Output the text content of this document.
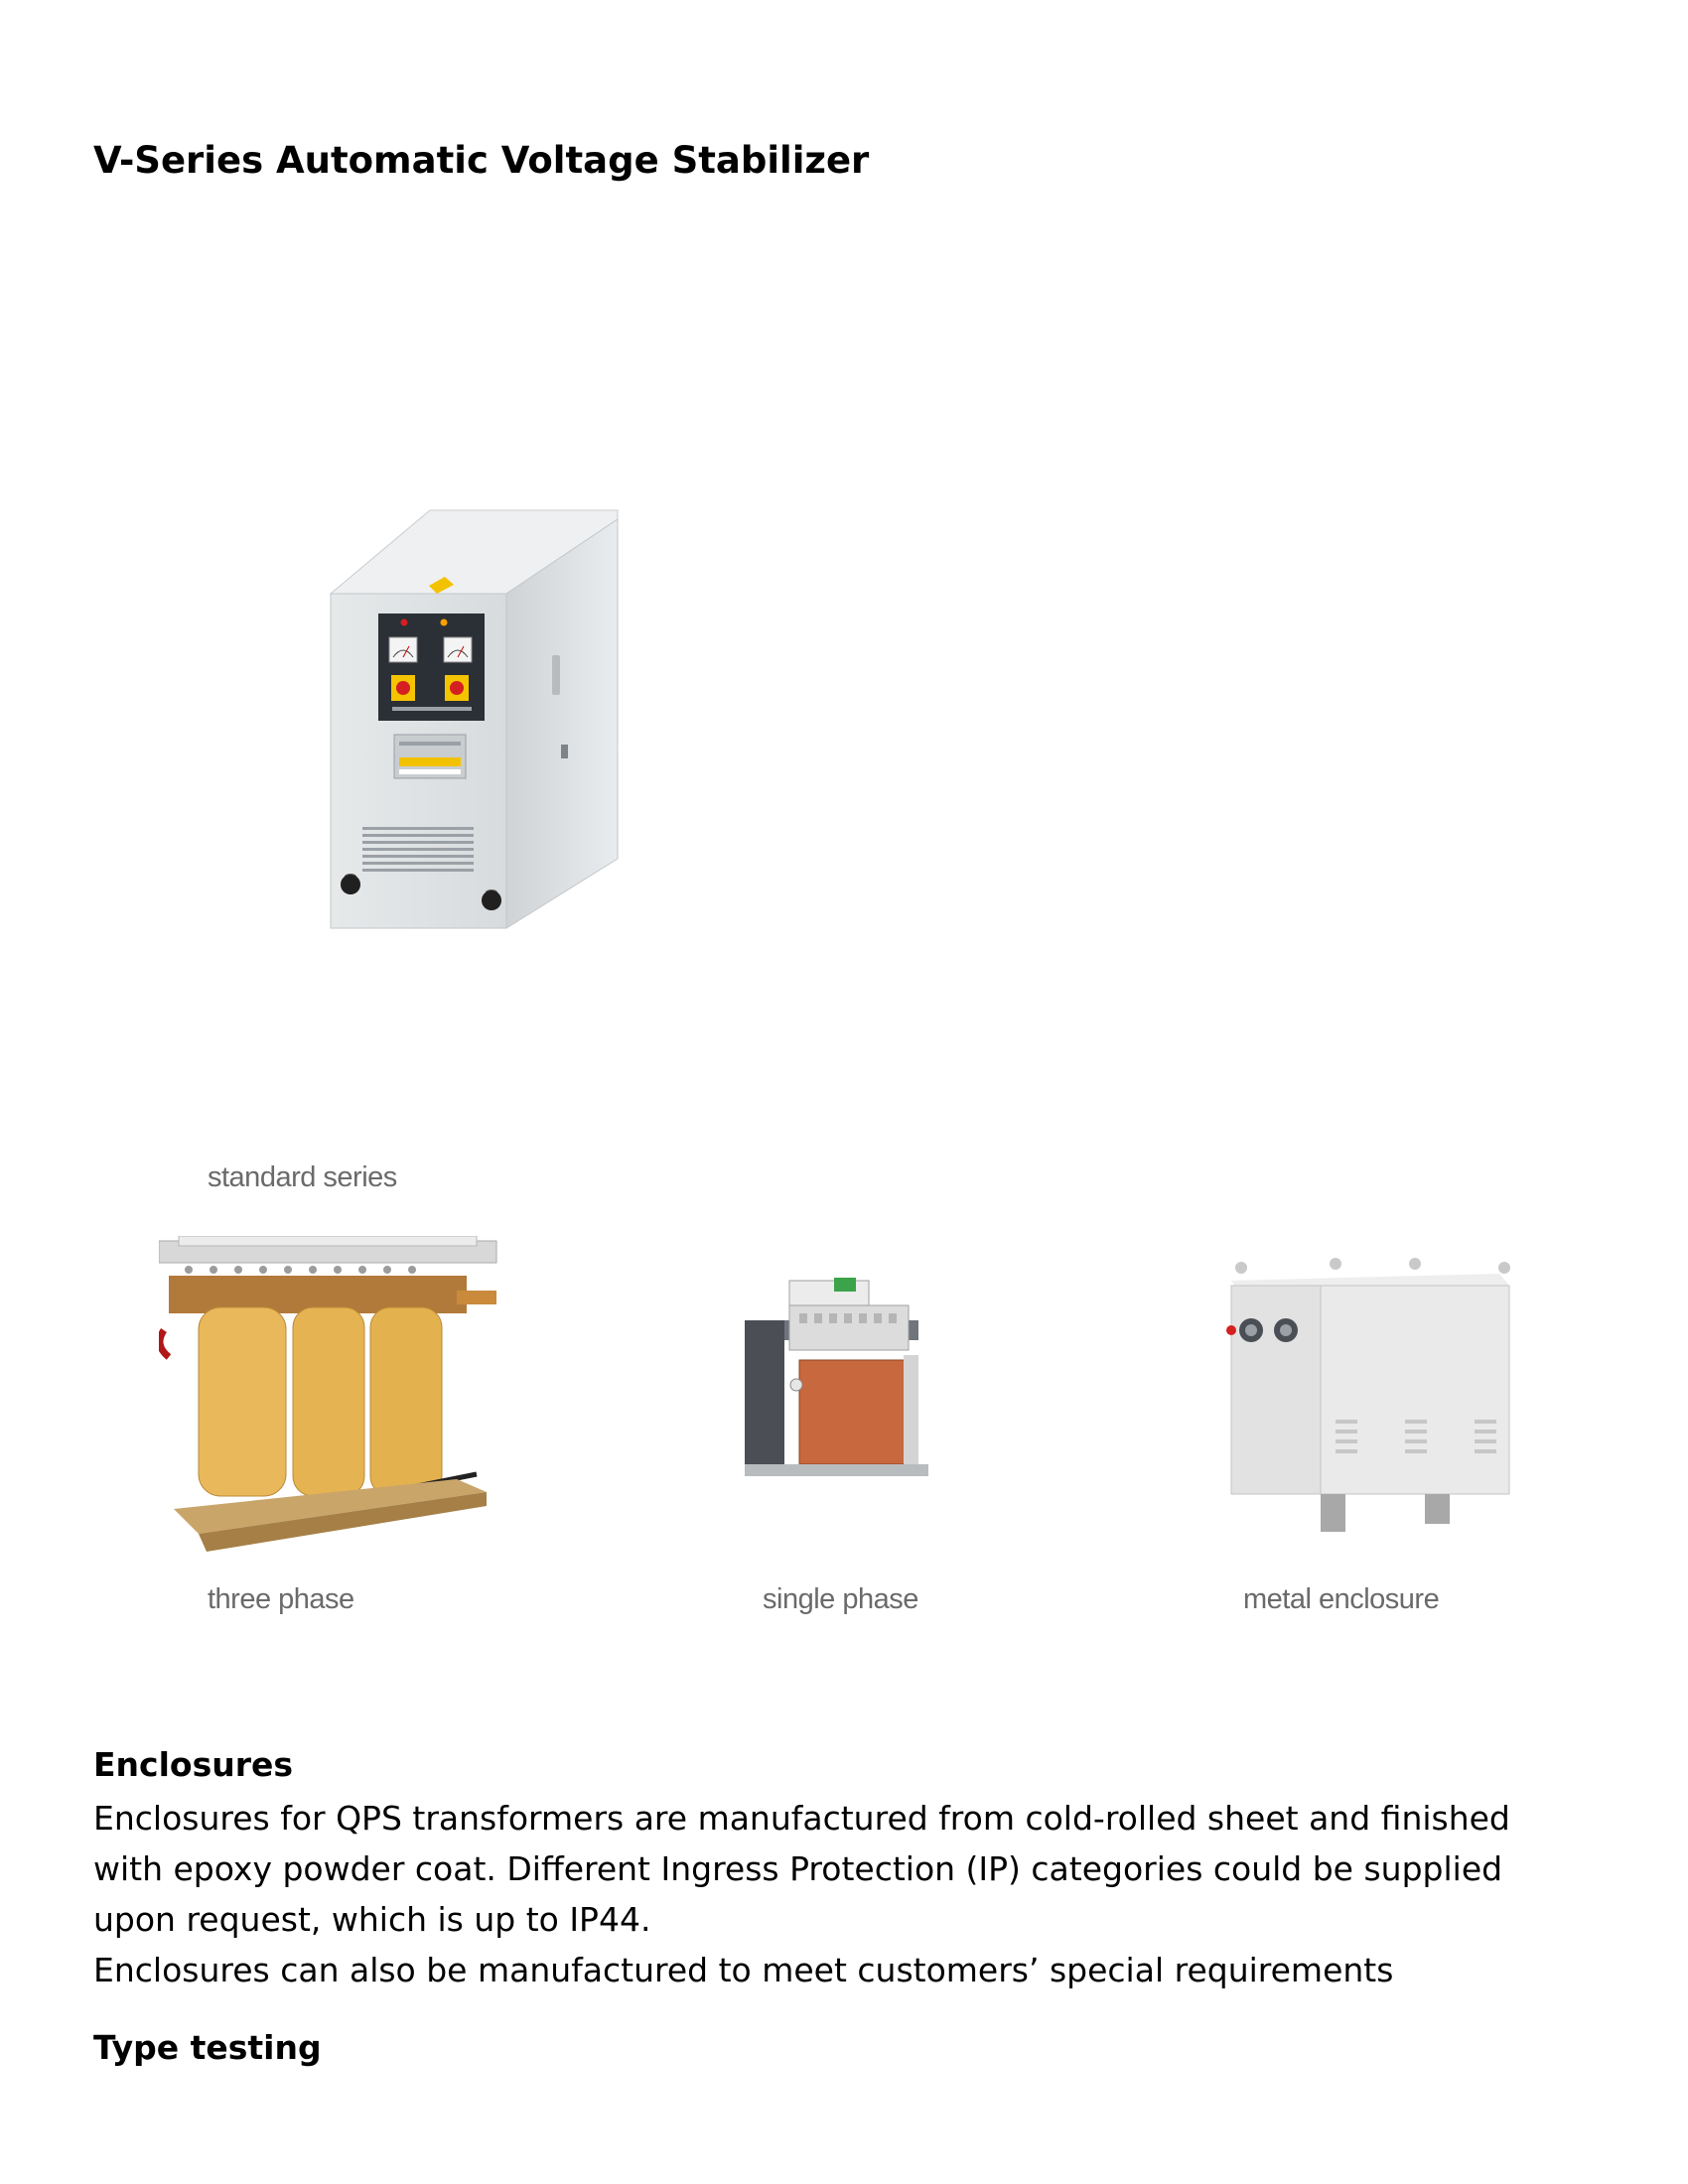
V-Series Automatic Voltage Stabilizer
standard series
three phase	single phase	metal enclosure
Enclosures
Enclosures for QPS transformers are manufactured from cold-rolled sheet and finished
with epoxy powder coat. Different Ingress Protection (IP) categories could be supplied
upon request, which is up to IP44.
Enclosures can also be manufactured to meet customers’ special requirements
Type testing
